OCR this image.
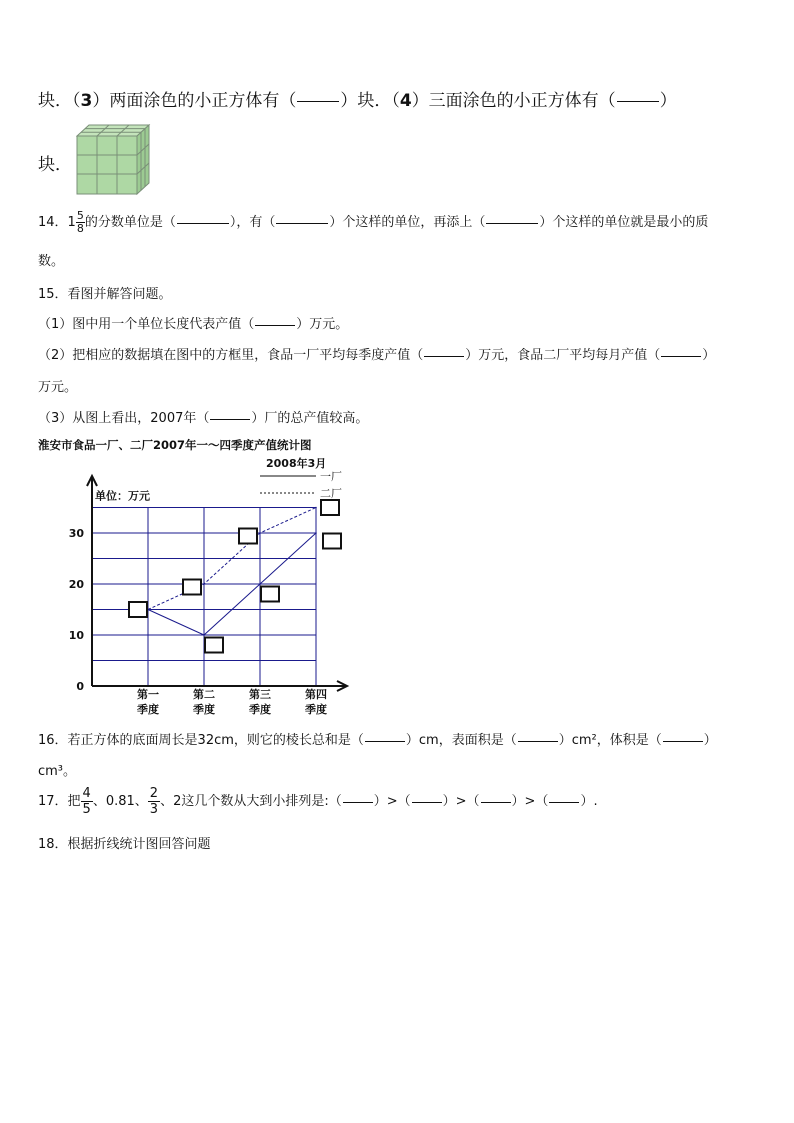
块．（3）两面涂色的小正方体有（	）块．（4）三面涂色的小正方体有（	）
块．
14．$1 \frac{5}{8}$ 的分数单位是（	），有（	）个这样的单位，再添上（	）个这样的单位就是最小的质
数。
15．看图并解答问题。
（1）图中用一个单位长度代表产值（	）万元。
（2）把相应的数据填在图中的方框里，食品一厂平均每季度产值（	）万元，食品二厂平均每月产值（	）
万元。
（3）从图上看出，2007年（	）厂的总产值较高。
淮安市食品一厂、二厂2007年一～四季度产值统计图
2008年3月
单位：万元
0
10
20
30
第一
季度
第二
季度
第三
季度
第四
季度
一厂
二厂
16．若正方体的底面周长是32cm，则它的棱长总和是（	）cm，表面积是（	）cm²，体积是（	）
cm³。
17．把 $\frac{4}{5}$ 、0.81、 $\frac{2}{3}$ 、2这几个数从大到小排列是:（ ）>（ ）>（ ）>（ ）.
18．根据折线统计图回答问题
